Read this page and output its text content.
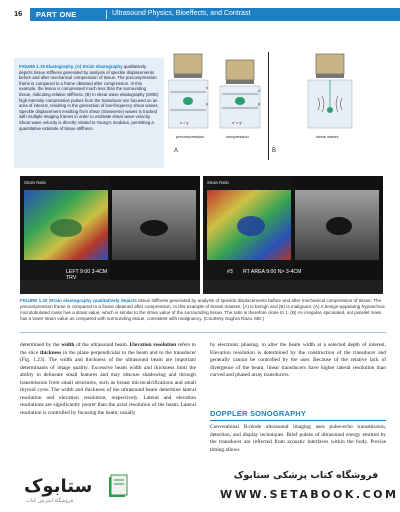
16 PART ONE	Ultrasound Physics, Bioeffects, and Contrast
FIGURE 1.19 Elastography. (A) Strain elastography qualitatively depicts tissue stiffness generated by analysis of speckle displacements before and after mechanical compression of tissue. The precompression frame is compared to a frame obtained after compression. In this example, the lesion is compressed much less than the surrounding tissue, indicating relative stiffness. (B) In shear wave elastography (SWE) high-intensity compression pulses from the transducer are focused on an area of interest, resulting in the generation of low-frequency shear waves. Speckle displacement resulting from shear (transverse) waves is tracked with multiple imaging frames in order to estimate shear wave velocity. Shear wave velocity is directly related to Young's modulus, permitting a quantitative estimate of tissue stiffness.
x
y
x = y
x'
y'
x' < y'
precompression	compression
A
shear waves
B
Strain Ratio
LEFT 9:00 3-4CM
TRV
Strain Ratio
RT AREA 9:00 N> 3-4CM
#3
FIGURE 1.20 Strain elastography qualitatively depicts tissue stiffness generated by analysis of speckle displacements before and after mechanical compression of tissue. The precompression frame is compared to a frame obtained after compression. In this example of breast masses, (A) is benign and (B) is malignant. (A) A benign-appearing hypoechoic microlobulated mass has a strain value, which is similar to the strain value of the surrounding tissue. The ratio is therefore close to 1. (B) An irregular, spiculated, not parallel mass has a lower strain value as compared with surrounding tissue, consistent with malignancy. (Courtesy Sughra Raza, MD.)
determined by the width of the ultrasound beam. Elevation resolution refers to the slice thickness in the plane perpendicular to the beam and to the transducer (Fig. 1.23). The width and thickness of the ultrasound beam are important determinants of image quality. Excessive beam width and thickness limit the ability to delineate small features and may obscure shadowing and through transmission from small structures, such as breast microcalcifications and small thyroid cysts. The width and thickness of the ultrasound beam determine lateral resolution and elevation resolution, respectively. Lateral and elevation resolutions are significantly poorer than the axial resolution of the beam. Lateral resolution is controlled by focusing the beam, usually
by electronic phasing, to alter the beam width at a selected depth of interest. Elevation resolution is determined by the construction of the transducer and generally cannot be controlled by the user. Because of the relative lack of divergence of the beam, linear transducers have higher lateral resolution than curved and phased array transducers.
DOPPLER SONOGRAPHY
Conventional B-mode ultrasound imaging uses pulse-echo transmission, detection, and display techniques. Brief pulses of ultrasound energy emitted by the transducer are reflected from acoustic interfaces within the body. Precise timing allows
ستابوک
فروشگاه اینترنتی کتاب
فروشگاه کتاب پزشکی ستابوک
WWW.SETABOOK.COM
